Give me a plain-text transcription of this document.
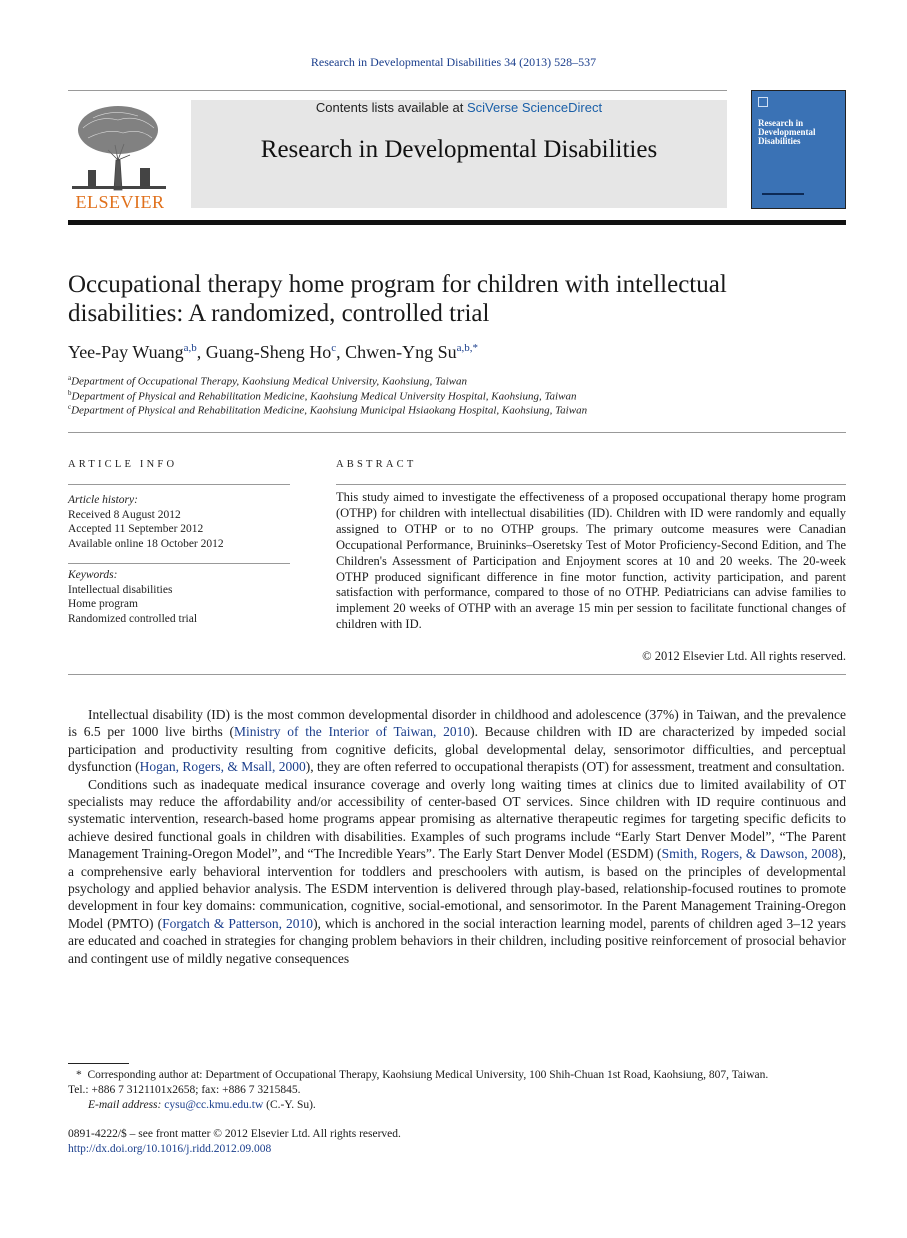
Research in Developmental Disabilities 34 (2013) 528–537
ELSEVIER
Contents lists available at SciVerse ScienceDirect
Research in Developmental Disabilities
Research in Developmental Disabilities
Occupational therapy home program for children with intellectual disabilities: A randomized, controlled trial
Yee-Pay Wuang$^{a,b}$, Guang-Sheng Ho$^c$, Chwen-Yng $Su^{a,b,*}$
$^a$Department of Occupational Therapy, Kaohsiung Medical University, Kaohsiung, Taiwan
$^b$Department of Physical and Rehabilitation Medicine, Kaohsiung Medical University Hospital, Kaohsiung, Taiwan
$^c$Department of Physical and Rehabilitation Medicine, Kaohsiung Municipal Hsiaokang Hospital, Kaohsiung, Taiwan
ARTICLE INFO
Article history:
Received 8 August 2012
Accepted 11 September 2012
Available online 18 October 2012
Keywords:
Intellectual disabilities
Home program
Randomized controlled trial
ABSTRACT
This study aimed to investigate the effectiveness of a proposed occupational therapy home program (OTHP) for children with intellectual disabilities (ID). Children with ID were randomly and equally assigned to OTHP or to no OTHP groups. The primary outcome measures were Canadian Occupational Performance, Bruininks–Oseretsky Test of Motor Proficiency-Second Edition, and The Children's Assessment of Participation and Enjoyment scores at 10 and 20 weeks. The 20-week OTHP produced significant difference in fine motor function, activity participation, and parent satisfaction with performance, compared to those of no OTHP. Pediatricians can advise families to implement 20 weeks of OTHP with an average 15 min per session to facilitate functional changes of children with ID.
© 2012 Elsevier Ltd. All rights reserved.

Intellectual disability (ID) is the most common developmental disorder in childhood and adolescence (37%) in Taiwan, and the prevalence is 6.5 per 1000 live births (Ministry of the Interior of Taiwan, 2010). Because children with ID are characterized by impeded social participation and productivity resulting from cognitive deficits, global developmental delay, sensorimotor difficulties, and perceptual dysfunction (Hogan, Rogers, & Msall, 2000), they are often referred to occupational therapists (OT) for assessment, treatment and consultation.

Conditions such as inadequate medical insurance coverage and overly long waiting times at clinics due to limited availability of OT specialists may reduce the affordability and/or accessibility of center-based OT services. Since children with ID require continuous and systematic intervention, research-based home programs appear promising as alternative therapeutic regimes for targeting specific deficits to achieve desired functional goals in children with disabilities. Examples of such programs include “Early Start Denver Model”, “The Parent Management Training-Oregon Model”, and “The Incredible Years”. The Early Start Denver Model (ESDM) (Smith, Rogers, & Dawson, 2008), a comprehensive early behavioral intervention for toddlers and preschoolers with autism, is based on the principles of developmental psychology and applied behavior analysis. The ESDM intervention is delivered through play-based, relationship-focused routines to promote development in four key domains: communication, cognitive, social-emotional, and sensorimotor. In the Parent Management Training-Oregon Model (PMTO) (Forgatch & Patterson, 2010), which is anchored in the social interaction learning model, parents of children aged 3–12 years are educated and coached in strategies for changing problem behaviors in their children, including positive reinforcement of prosocial behavior and contingent use of mildly negative consequences

* Corresponding author at: Department of Occupational Therapy, Kaohsiung Medical University, 100 Shih-Chuan 1st Road, Kaohsiung, 807, Taiwan.
Tel.: +886 7 3121101x2658; fax: +886 7 3215845.
E-mail address: cysu@cc.kmu.edu.tw (C.-Y. Su).
0891-4222/$ – see front matter © 2012 Elsevier Ltd. All rights reserved.
http://dx.doi.org/10.1016/j.ridd.2012.09.008
